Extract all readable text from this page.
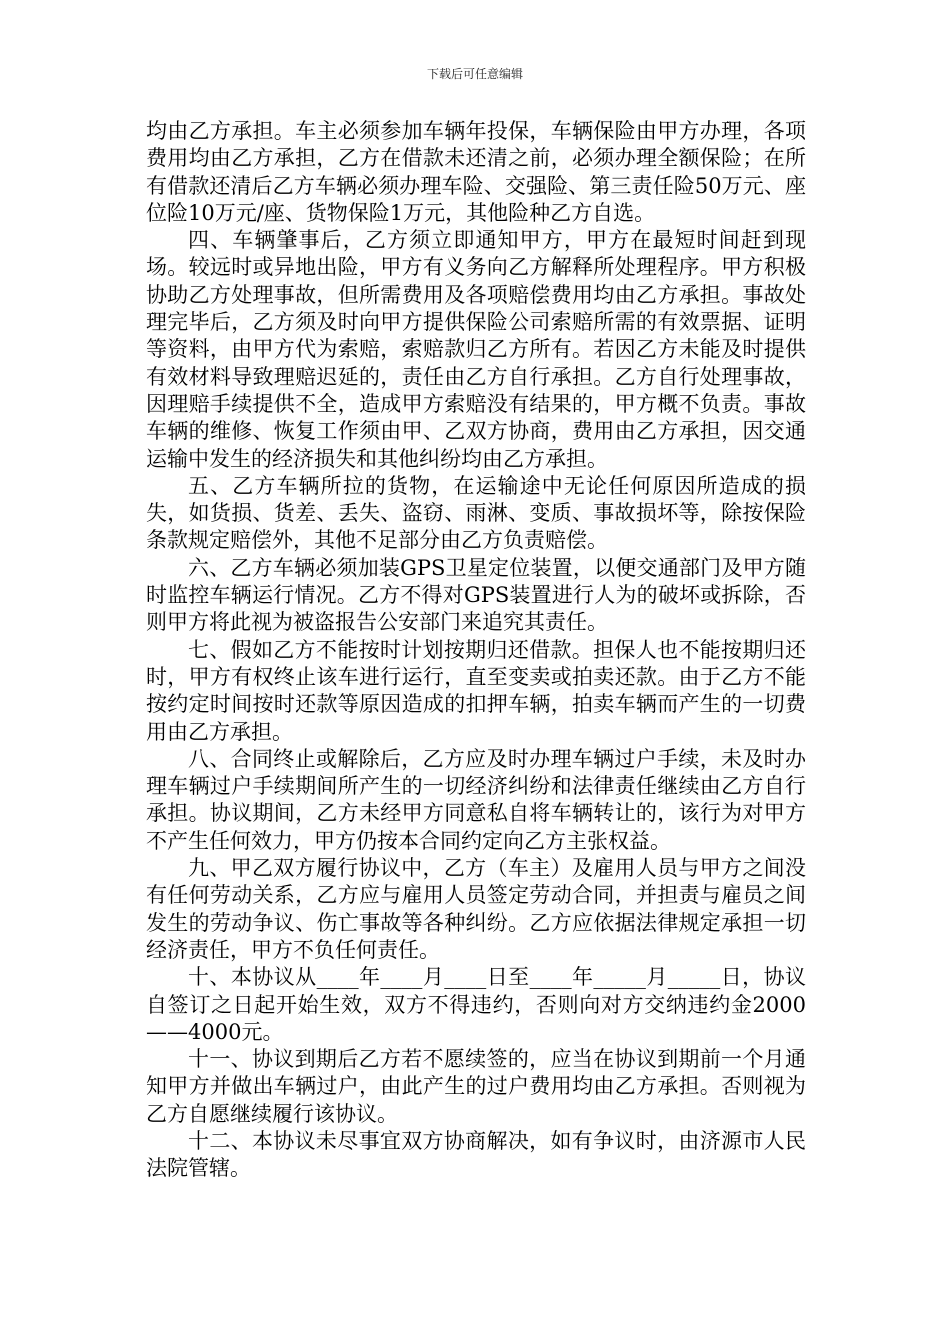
下载后可任意编辑

均由乙方承担。车主必须参加车辆年投保，车辆保险由甲方办理，各项费用均由乙方承担，乙方在借款未还清之前，必须办理全额保险；在所有借款还清后乙方车辆必须办理车险、交强险、第三责任险50万元、座位险10万元/座、货物保险1万元，其他险种乙方自选。

四、车辆肇事后，乙方须立即通知甲方，甲方在最短时间赶到现场。较远时或异地出险，甲方有义务向乙方解释所处理程序。甲方积极协助乙方处理事故，但所需费用及各项赔偿费用均由乙方承担。事故处理完毕后，乙方须及时向甲方提供保险公司索赔所需的有效票据、证明等资料，由甲方代为索赔，索赔款归乙方所有。若因乙方未能及时提供有效材料导致理赔迟延的，责任由乙方自行承担。乙方自行处理事故，因理赔手续提供不全，造成甲方索赔没有结果的，甲方概不负责。事故车辆的维修、恢复工作须由甲、乙双方协商，费用由乙方承担，因交通运输中发生的经济损失和其他纠纷均由乙方承担。

五、乙方车辆所拉的货物，在运输途中无论任何原因所造成的损失，如货损、货差、丢失、盗窃、雨淋、变质、事故损坏等，除按保险条款规定赔偿外，其他不足部分由乙方负责赔偿。

六、乙方车辆必须加装GPS卫星定位装置，以便交通部门及甲方随时监控车辆运行情况。乙方不得对GPS装置进行人为的破坏或拆除，否则甲方将此视为被盗报告公安部门来追究其责任。

七、假如乙方不能按时计划按期归还借款。担保人也不能按期归还时，甲方有权终止该车进行运行，直至变卖或拍卖还款。由于乙方不能按约定时间按时还款等原因造成的扣押车辆，拍卖车辆而产生的一切费用由乙方承担。

八、合同终止或解除后，乙方应及时办理车辆过户手续，未及时办理车辆过户手续期间所产生的一切经济纠纷和法律责任继续由乙方自行承担。协议期间，乙方未经甲方同意私自将车辆转让的，该行为对甲方不产生任何效力，甲方仍按本合同约定向乙方主张权益。

九、甲乙双方履行协议中，乙方（车主）及雇用人员与甲方之间没有任何劳动关系，乙方应与雇用人员签定劳动合同，并担责与雇员之间发生的劳动争议、伤亡事故等各种纠纷。乙方应依据法律规定承担一切经济责任，甲方不负任何责任。

十、本协议从____年____月____日至____年_____月_____日，协议自签订之日起开始生效，双方不得违约，否则向对方交纳违约金2000——4000元。

十一、协议到期后乙方若不愿续签的，应当在协议到期前一个月通知甲方并做出车辆过户，由此产生的过户费用均由乙方承担。否则视为乙方自愿继续履行该协议。

十二、本协议未尽事宜双方协商解决，如有争议时，由济源市人民法院管辖。
